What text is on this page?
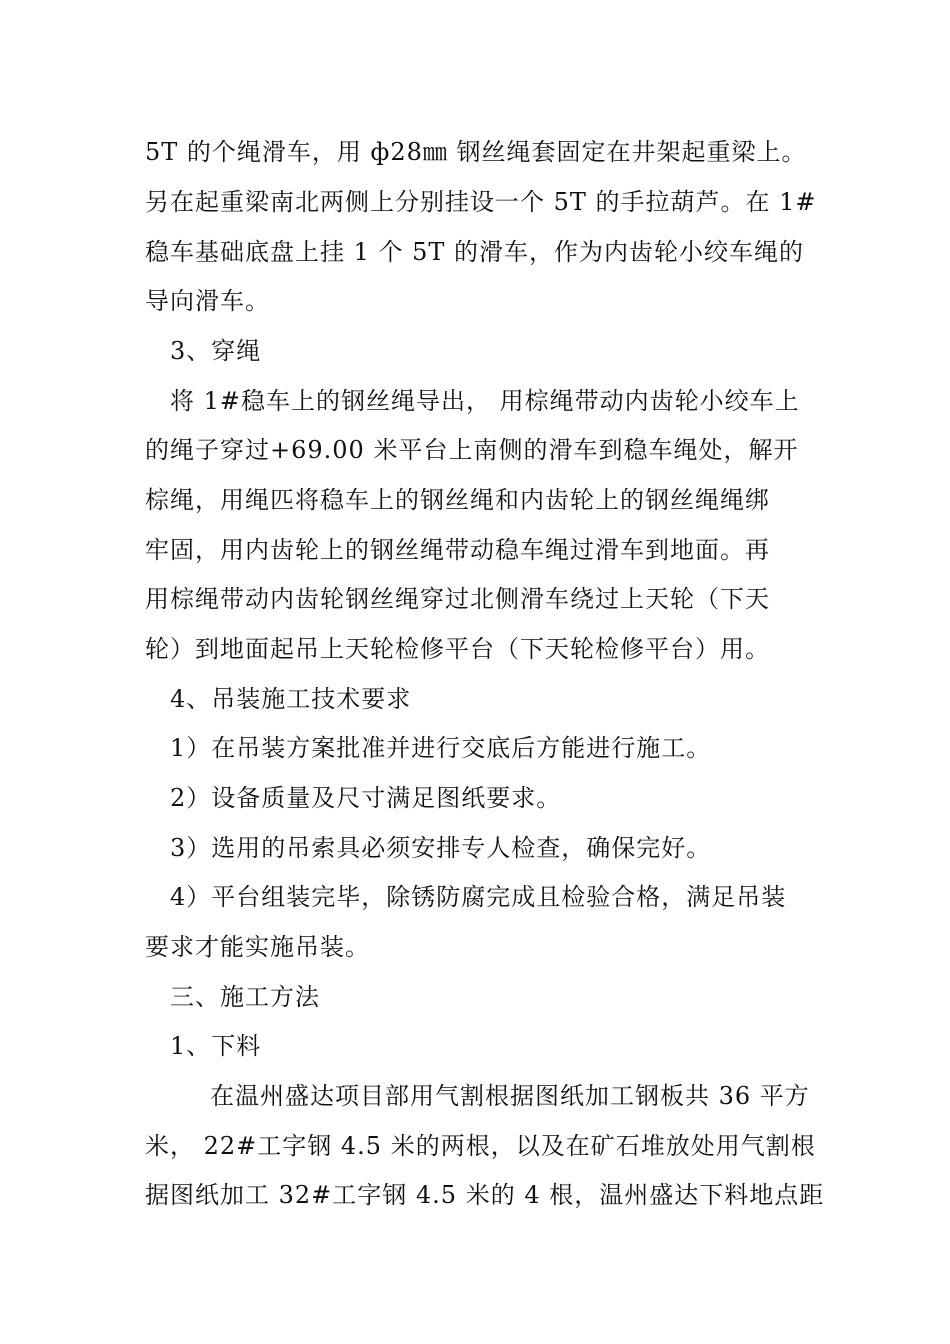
5T 的个绳滑车，用 ф28㎜ 钢丝绳套固定在井架起重梁上。
另在起重梁南北两侧上分别挂设一个 5T 的手拉葫芦。在 1#
稳车基础底盘上挂 1 个 5T 的滑车，作为内齿轮小绞车绳的
导向滑车。
3、穿绳
将 1#稳车上的钢丝绳导出， 用棕绳带动内齿轮小绞车上
的绳子穿过+69.00 米平台上南侧的滑车到稳车绳处，解开
棕绳，用绳匹将稳车上的钢丝绳和内齿轮上的钢丝绳绳绑
牢固，用内齿轮上的钢丝绳带动稳车绳过滑车到地面。再
用棕绳带动内齿轮钢丝绳穿过北侧滑车绕过上天轮（下天
轮）到地面起吊上天轮检修平台（下天轮检修平台）用。
4、吊装施工技术要求
1）在吊装方案批准并进行交底后方能进行施工。
2）设备质量及尺寸满足图纸要求。
3）选用的吊索具必须安排专人检查，确保完好。
4）平台组装完毕，除锈防腐完成且检验合格，满足吊装
要求才能实施吊装。
三、施工方法
1、下料
在温州盛达项目部用气割根据图纸加工钢板共 36 平方
米， 22#工字钢 4.5 米的两根，以及在矿石堆放处用气割根
据图纸加工 32#工字钢 4.5 米的 4 根，温州盛达下料地点距
